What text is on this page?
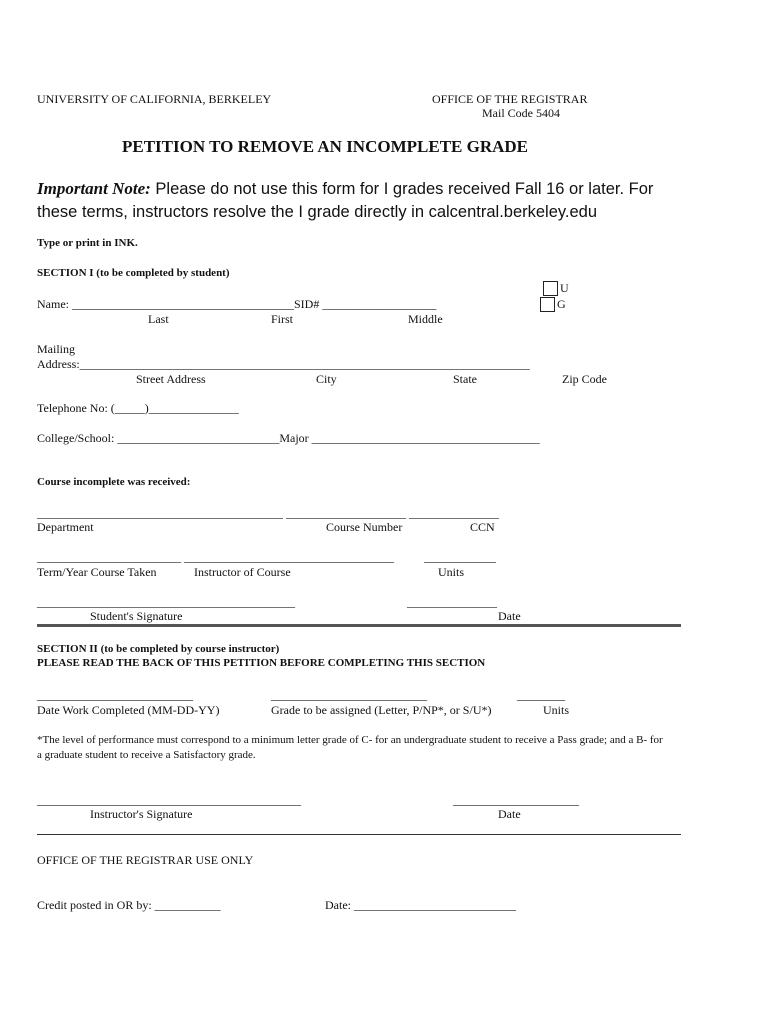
UNIVERSITY OF CALIFORNIA, BERKELEY	OFFICE OF THE REGISTRAR
Mail Code 5404
PETITION TO REMOVE AN INCOMPLETE GRADE
Important Note: Please do not use this form for I grades received Fall 16 or later. For these terms, instructors resolve the I grade directly in calcentral.berkeley.edu
Type or print in INK.
SECTION I (to be completed by student)
U
G
Name: _____________________________________SID# ___________________
Last	First	Middle
Mailing
Address:___________________________________________________________________________
Street Address	City	State	Zip Code
Telephone No: (_____)_______________
College/School: ___________________________Major ______________________________________
Course incomplete was received:
_________________________________________ ____________________ _______________
Department	Course Number	CCN
________________________ ___________________________________          ____________
Term/Year Course Taken	Instructor of Course	Units
___________________________________________	_______________
Student's Signature	Date
SECTION II (to be completed by course instructor)
PLEASE READ THE BACK OF THIS PETITION BEFORE COMPLETING THIS SECTION
__________________________	__________________________	________
Date Work Completed (MM-DD-YY)	Grade to be assigned (Letter, P/NP*, or S/U*)	Units
*The level of performance must correspond to a minimum letter grade of C- for an undergraduate student to receive a Pass grade; and a B- for a graduate student to receive a Satisfactory grade.
____________________________________________	_____________________
Instructor's Signature	Date
OFFICE OF THE REGISTRAR USE ONLY
Credit posted in OR by: ___________	Date: ___________________________
